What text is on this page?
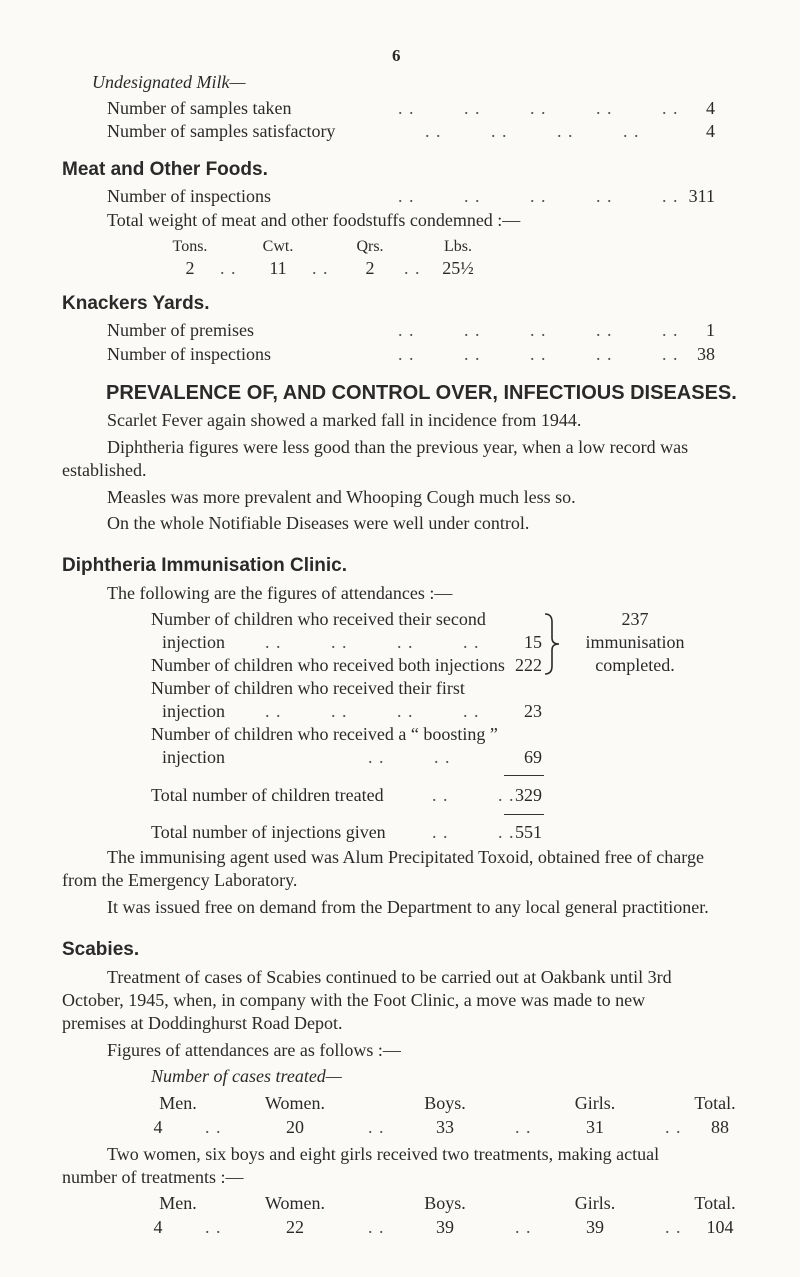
6
Undesignated Milk—
Number of samples taken	. .         . .         . .         . .         . . 4
Number of samples satisfactory	. .         . .         . .         . .	4
Meat and Other Foods.
Number of inspections	. .         . .         . .         . .         . . 311
Total weight of meat and other foodstuffs condemned :—
Tons.	Cwt.	Qrs.	Lbs.
2	. .	11	. .	2	. .	25½
Knackers Yards.
Number of premises	. .         . .         . .         . .         . . 1
Number of inspections	. .         . .         . .         . .         . . 38
PREVALENCE OF, AND CONTROL OVER, INFECTIOUS DISEASES.
Scarlet Fever again showed a marked fall in incidence from 1944.
Diphtheria figures were less good than the previous year, when a low record was
established.
Measles was more prevalent and Whooping Cough much less so.
On the whole Notifiable Diseases were well under control.
Diphtheria Immunisation Clinic.
The following are the figures of attendances :—
Number of children who received their second
injection . .         . .         . .         . . 15
Number of children who received both injections 222
237
immunisation
completed.
Number of children who received their first
injection . .         . .         . .         . . 23
Number of children who received a “ boosting ”
injection	. .         . .	69
Total number of children treated	. .         . . 329
Total number of injections given	. .         . . 551
The immunising agent used was Alum Precipitated Toxoid, obtained free of charge
from the Emergency Laboratory.
It was issued free on demand from the Department to any local general practitioner.
Scabies.
Treatment of cases of Scabies continued to be carried out at Oakbank until 3rd
October, 1945, when, in company with the Foot Clinic, a move was made to new
premises at Doddinghurst Road Depot.
Figures of attendances are as follows :—
Number of cases treated—
Men.	Women.	Boys.	Girls.	Total.
4	. .	20	. .	33	. .	31	. .	88
Two women, six boys and eight girls received two treatments, making actual
number of treatments :—
Men.	Women.	Boys.	Girls.	Total.
4	. .	22	. .	39	. .	39	. .	104
